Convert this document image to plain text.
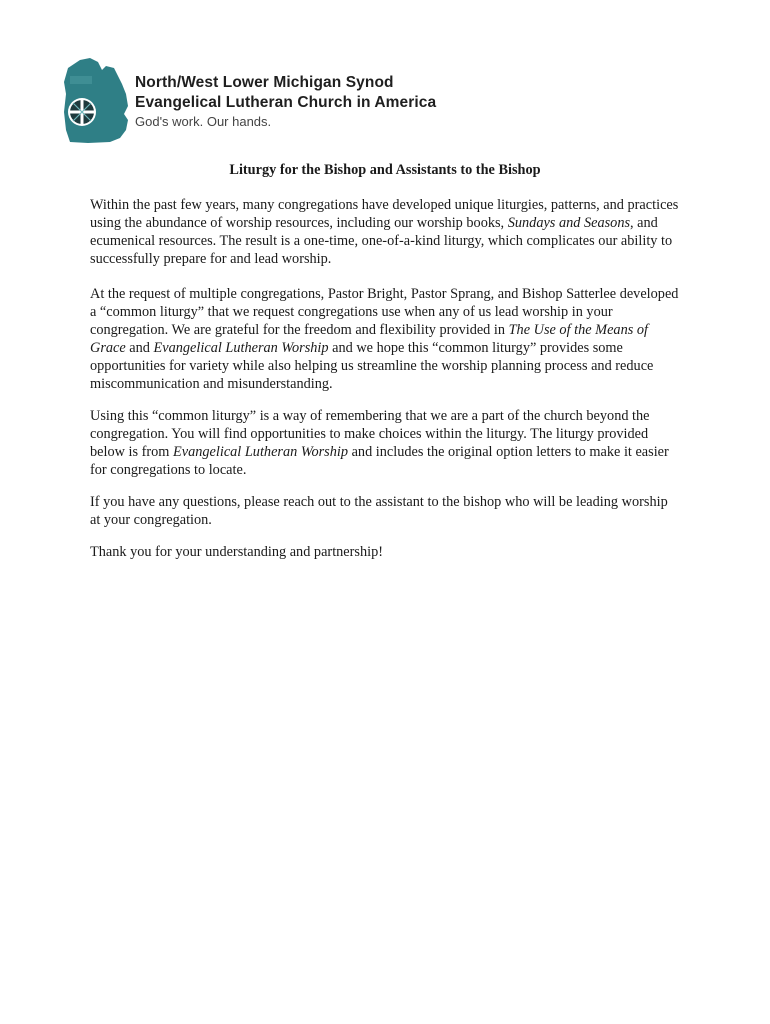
North/West Lower Michigan Synod
Evangelical Lutheran Church in America
God's work. Our hands.
Liturgy for the Bishop and Assistants to the Bishop

Within the past few years, many congregations have developed unique liturgies, patterns, and practices using the abundance of worship resources, including our worship books, Sundays and Seasons, and ecumenical resources. The result is a one-time, one-of-a-kind liturgy, which complicates our ability to successfully prepare for and lead worship.

At the request of multiple congregations, Pastor Bright, Pastor Sprang, and Bishop Satterlee developed a “common liturgy” that we request congregations use when any of us lead worship in your congregation. We are grateful for the freedom and flexibility provided in The Use of the Means of Grace and Evangelical Lutheran Worship and we hope this “common liturgy” provides some opportunities for variety while also helping us streamline the worship planning process and reduce miscommunication and misunderstanding.

Using this “common liturgy” is a way of remembering that we are a part of the church beyond the congregation. You will find opportunities to make choices within the liturgy. The liturgy provided below is from Evangelical Lutheran Worship and includes the original option letters to make it easier for congregations to locate.

If you have any questions, please reach out to the assistant to the bishop who will be leading worship at your congregation.

Thank you for your understanding and partnership!
